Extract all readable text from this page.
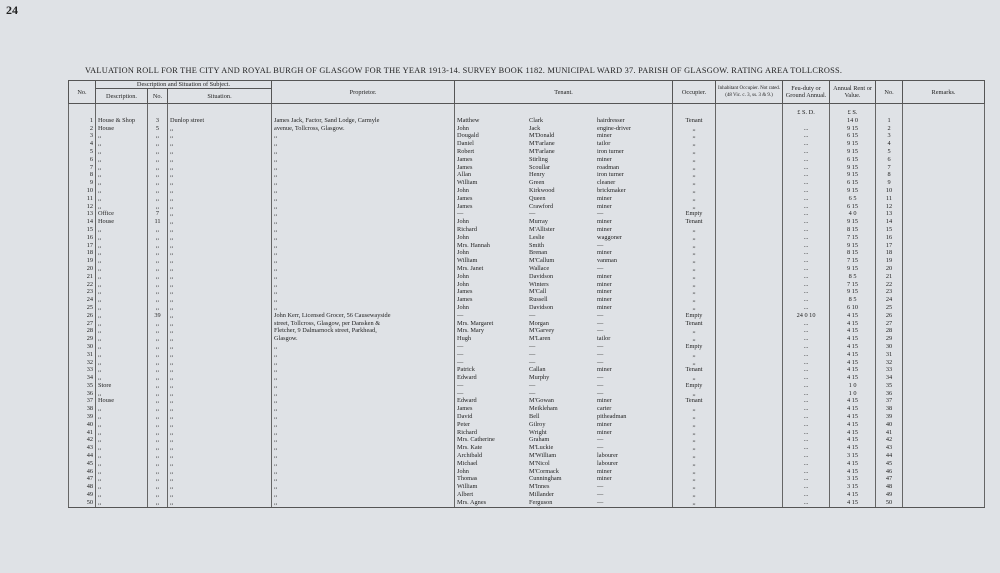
24
VALUATION ROLL FOR THE CITY AND ROYAL BURGH OF GLASGOW FOR THE YEAR 1913-14. SURVEY BOOK 1182. MUNICIPAL WARD 37. PARISH OF GLASGOW. RATING AREA TOLLCROSS.
No.	Description and Situation of Subject.			Proprietor.	Tenant.	Occupier.	Inhabitant Occupier. Not rated. (48 Vic. c. 3, ss. 3 & 9.)	Feu-duty or Ground Annual.	Annual Rent or Value.	No.	Remarks.
	Description.	No.	Situation.								
								£ S. D.	£ S.		
1	House & Shop	3	Dunlop street	James Jack, Factor, Sand Lodge, Carmyle	Matthew Clark hairdresser	Tenant			14 0	1	
2	House	5	,,	avenue, Tollcross, Glasgow.	John Jack engine-driver	,,		...	9 15	2	
3	,,	,,	,,	,,	Dougald M'Donald miner	,,		...	6 15	3	
4	,,	,,	,,	,,	Daniel M'Farlane tailor	,,		...	9 15	4	
5	,,	,,	,,	,,	Robert M'Farlane iron turner	,,		...	9 15	5	
6	,,	,,	,,	,,	James Stirling miner	,,		...	6 15	6	
7	,,	,,	,,	,,	James Scoullar roadman	,,		...	9 15	7	
8	,,	,,	,,	,,	Allan Henry iron turner	,,		...	9 15	8	
9	,,	,,	,,	,,	William Green cleaner	,,		...	6 15	9	
10	,,	,,	,,	,,	John Kirkwood brickmaker	,,		...	9 15	10	
11	,,	,,	,,	,,	James Queen miner	,,		...	6 5	11	
12	,,	,,	,,	,,	James Crawford miner	,,		...	6 15	12	
13	Office	7	,,	,,	— — —	Empty		...	4 0	13	
14	House	11	,,	,,	John Murray miner	Tenant		...	9 15	14	
15	,,	,,	,,	,,	Richard M'Allister miner	,,		...	8 15	15	
16	,,	,,	,,	,,	John Leslie waggoner	,,		...	7 15	16	
17	,,	,,	,,	,,	Mrs. Hannah Smith —	,,		...	9 15	17	
18	,,	,,	,,	,,	John Brenan miner	,,		...	8 15	18	
19	,,	,,	,,	,,	William M'Callum vanman	,,		...	7 15	19	
20	,,	,,	,,	,,	Mrs. Janet Wallace —	,,		...	9 15	20	
21	,,	,,	,,	,,	John Davidson miner	,,		...	8 5	21	
22	,,	,,	,,	,,	John Winters miner	,,		...	7 15	22	
23	,,	,,	,,	,,	James M'Call miner	,,		...	9 15	23	
24	,,	,,	,,	,,	James Russell miner	,,		...	8 5	24	
25	,,	,,	,,	,,	John Davidson miner	,,		...	6 10	25	
26	,,	39	,,	John Kerr, Licensed Grocer, 56 Causewayside	— — —	Empty		24 0 10	4 15	26	
27	,,	,,	,,	street, Tollcross, Glasgow, per Dansken &	Mrs. Margaret Morgan —	Tenant		...	4 15	27	
28	,,	,,	,,	Fletcher, 9 Dalmarnock street, Parkhead,	Mrs. Mary M'Garvey —	,,		...	4 15	28	
29	,,	,,	,,	Glasgow.	Hugh M'Laren tailor	,,		...	4 15	29	
30	,,	,,	,,	,,	— — —	Empty		...	4 15	30	
31	,,	,,	,,	,,	— — —	,,		...	4 15	31	
32	,,	,,	,,	,,	— — —	,,		...	4 15	32	
33	,,	,,	,,	,,	Patrick Callan miner	Tenant		...	4 15	33	
34	,,	,,	,,	,,	Edward Murphy —	,,		...	4 15	34	
35	Store	,,	,,	,,	— — —	Empty		...	1 0	35	
36	,,	,,	,,	,,	— — —	,,		...	1 0	36	
37	House	,,	,,	,,	Edward M'Gowan miner	Tenant		...	4 15	37	
38	,,	,,	,,	,,	James Meikleham carter	,,		...	4 15	38	
39	,,	,,	,,	,,	David Bell pitheadman	,,		...	4 15	39	
40	,,	,,	,,	,,	Peter Gilroy miner	,,		...	4 15	40	
41	,,	,,	,,	,,	Richard Wright miner	,,		...	4 15	41	
42	,,	,,	,,	,,	Mrs. Catherine Graham —	,,		...	4 15	42	
43	,,	,,	,,	,,	Mrs. Kate M'Luckie —	,,		...	4 15	43	
44	,,	,,	,,	,,	Archibald M'William labourer	,,		...	3 15	44	
45	,,	,,	,,	,,	Michael M'Nicol labourer	,,		...	4 15	45	
46	,,	,,	,,	,,	John M'Cormack miner	,,		...	4 15	46	
47	,,	,,	,,	,,	Thomas Cunningham miner	,,		...	3 15	47	
48	,,	,,	,,	,,	William M'Innes —	,,		...	3 15	48	
49	,,	,,	,,	,,	Albert Millander —	,,		...	4 15	49	
50	,,	,,	,,	,,	Mrs. Agnes Ferguson —	,,		...	4 15	50	
